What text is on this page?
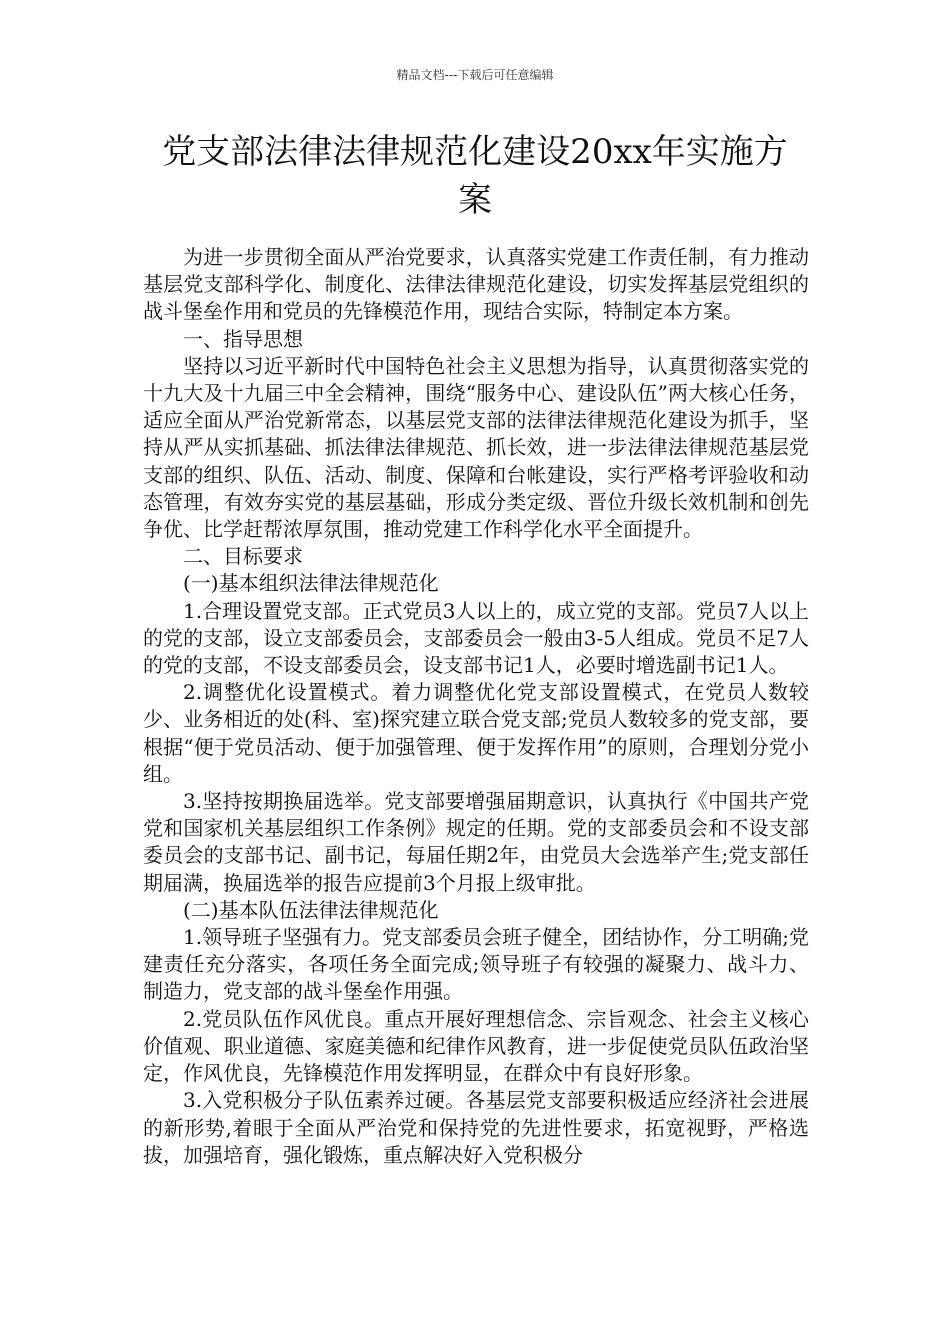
精品文档---下载后可任意编辑
党支部法律法律规范化建设20xx年实施方
案

为进一步贯彻全面从严治党要求，认真落实党建工作责任制，有力推动基层党支部科学化、制度化、法律法律规范化建设，切实发挥基层党组织的战斗堡垒作用和党员的先锋模范作用，现结合实际，特制定本方案。

一、指导思想

坚持以习近平新时代中国特色社会主义思想为指导，认真贯彻落实党的十九大及十九届三中全会精神，围绕“服务中心、建设队伍”两大核心任务，适应全面从严治党新常态，以基层党支部的法律法律规范化建设为抓手，坚持从严从实抓基础、抓法律法律规范、抓长效，进一步法律法律规范基层党支部的组织、队伍、活动、制度、保障和台帐建设，实行严格考评验收和动态管理，有效夯实党的基层基础，形成分类定级、晋位升级长效机制和创先争优、比学赶帮浓厚氛围，推动党建工作科学化水平全面提升。

二、目标要求

(一)基本组织法律法律规范化

1.合理设置党支部。正式党员3人以上的，成立党的支部。党员7人以上的党的支部，设立支部委员会，支部委员会一般由3-5人组成。党员不足7人的党的支部，不设支部委员会，设支部书记1人，必要时增选副书记1人。

2.调整优化设置模式。着力调整优化党支部设置模式，在党员人数较少、业务相近的处(科、室)探究建立联合党支部;党员人数较多的党支部，要根据“便于党员活动、便于加强管理、便于发挥作用”的原则，合理划分党小组。

3.坚持按期换届选举。党支部要增强届期意识，认真执行《中国共产党党和国家机关基层组织工作条例》规定的任期。党的支部委员会和不设支部委员会的支部书记、副书记，每届任期2年，由党员大会选举产生;党支部任期届满，换届选举的报告应提前3个月报上级审批。

(二)基本队伍法律法律规范化

1.领导班子坚强有力。党支部委员会班子健全，团结协作，分工明确;党建责任充分落实，各项任务全面完成;领导班子有较强的凝聚力、战斗力、制造力，党支部的战斗堡垒作用强。

2.党员队伍作风优良。重点开展好理想信念、宗旨观念、社会主义核心价值观、职业道德、家庭美德和纪律作风教育，进一步促使党员队伍政治坚定，作风优良，先锋模范作用发挥明显，在群众中有良好形象。

3.入党积极分子队伍素养过硬。各基层党支部要积极适应经济社会进展的新形势,着眼于全面从严治党和保持党的先进性要求，拓宽视野，严格选拔，加强培育，强化锻炼，重点解决好入党积极分
